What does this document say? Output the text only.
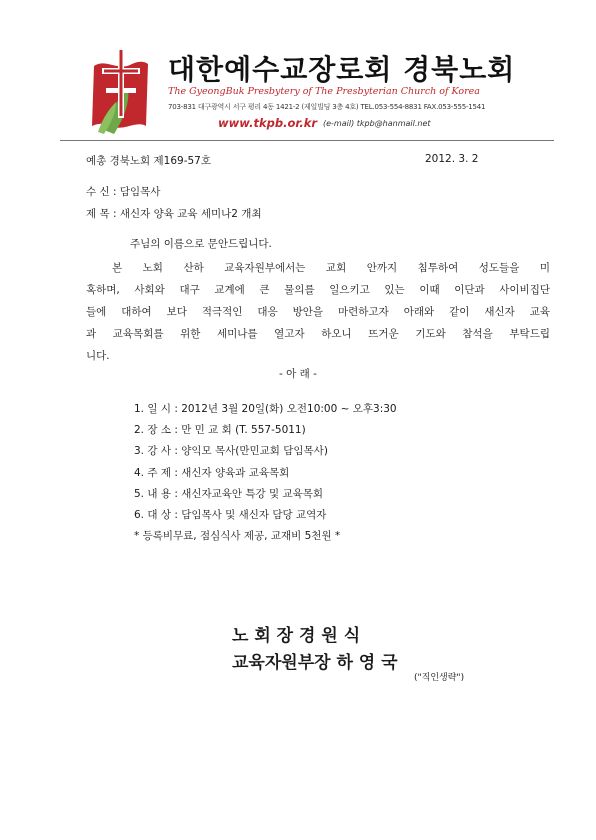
대한예수교장로회 경북노회
The GyeongBuk Presbytery of The Presbyterian Church of Korea
703-831 대구광역시 서구 평리 4동 1421-2 (제일빌딩 3층 4호) TEL.053-554-8831 FAX.053-555-1541
www.tkpb.or.kr (e-mail) tkpb@hanmail.net
예총 경북노회 제169-57호	2012. 3. 2
수 신 : 담임목사
제 목 : 새신자 양육 교육 세미나2 개최
주님의 이름으로 문안드립니다.
본 노회 산하 교육자원부에서는 교회 안까지 침투하여 성도들을 미
혹하며, 사회와 대구 교계에 큰 물의를 일으키고 있는 이때 이단과 사이비집단
들에 대하여 보다 적극적인 대응 방안을 마련하고자 아래와 같이 새신자 교육
과 교육목회를 위한 세미나를 열고자 하오니 뜨거운 기도와 참석을 부탁드립
니다.
- 아 래 -
1. 일 시 : 2012년 3월 20일(화) 오전10:00 ~ 오후3:30
2. 장 소 : 만 민 교 회 (T. 557-5011)
3. 강 사 : 양익모 목사(만민교회 담임목사)
4. 주 제 : 새신자 양육과 교육목회
5. 내 용 : 새신자교육안 특강 및 교육목회
6. 대 상 : 담임목사 및 새신자 담당 교역자
* 등록비무료, 점심식사 제공, 교재비 5천원 *
노 회 장 경 원 식
교육자원부장 하 영 국
("직인생략")
